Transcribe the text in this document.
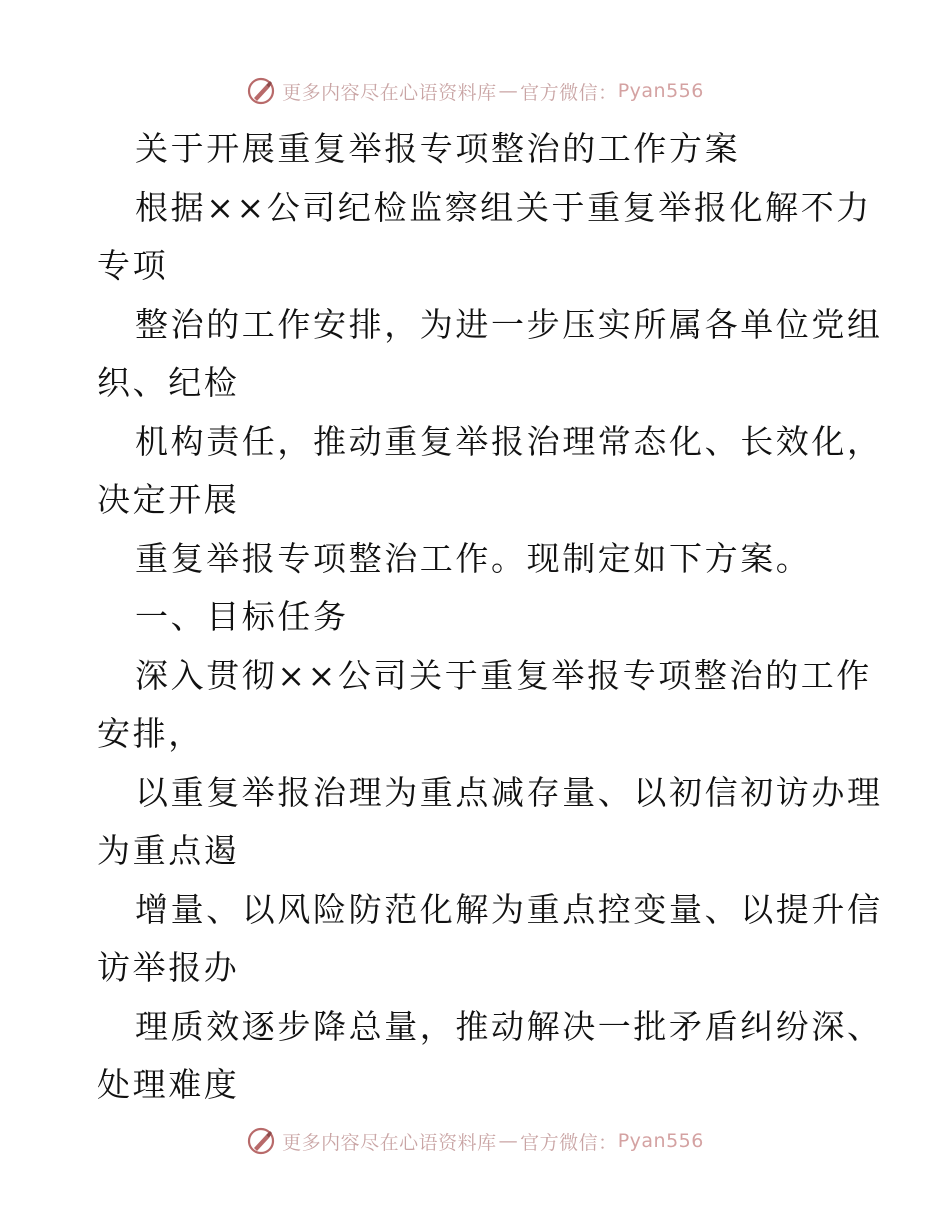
更多内容尽在心语资料库 — 官方微信： Pyan556
关于开展重复举报专项整治的工作方案
根据××公司纪检监察组关于重复举报化解不力
专项
整治的工作安排，为进一步压实所属各单位党组
织、纪检
机构责任，推动重复举报治理常态化、长效化，
决定开展
重复举报专项整治工作。现制定如下方案。
一、目标任务
深入贯彻××公司关于重复举报专项整治的工作
安排，
以重复举报治理为重点减存量、以初信初访办理
为重点遏
增量、以风险防范化解为重点控变量、以提升信
访举报办
理质效逐步降总量，推动解决一批矛盾纠纷深、
处理难度
更多内容尽在心语资料库 — 官方微信： Pyan556
